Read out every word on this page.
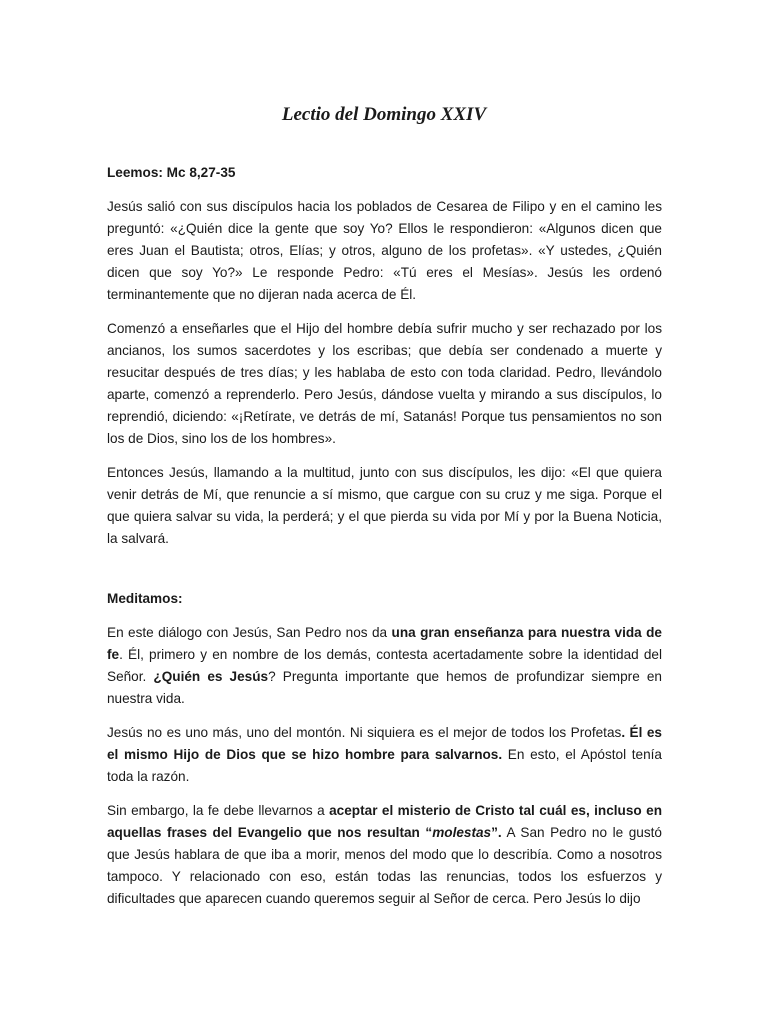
Lectio del Domingo XXIV
Leemos: Mc 8,27-35

Jesús salió con sus discípulos hacia los poblados de Cesarea de Filipo y en el camino les preguntó: «¿Quién dice la gente que soy Yo? Ellos le respondieron: «Algunos dicen que eres Juan el Bautista; otros, Elías; y otros, alguno de los profetas». «Y ustedes, ¿Quién dicen que soy Yo?» Le responde Pedro: «Tú eres el Mesías». Jesús les ordenó terminantemente que no dijeran nada acerca de Él.

Comenzó a enseñarles que el Hijo del hombre debía sufrir mucho y ser rechazado por los ancianos, los sumos sacerdotes y los escribas; que debía ser condenado a muerte y resucitar después de tres días; y les hablaba de esto con toda claridad. Pedro, llevándolo aparte, comenzó a reprenderlo. Pero Jesús, dándose vuelta y mirando a sus discípulos, lo reprendió, diciendo: «¡Retírate, ve detrás de mí, Satanás! Porque tus pensamientos no son los de Dios, sino los de los hombres».

Entonces Jesús, llamando a la multitud, junto con sus discípulos, les dijo: «El que quiera venir detrás de Mí, que renuncie a sí mismo, que cargue con su cruz y me siga. Porque el que quiera salvar su vida, la perderá; y el que pierda su vida por Mí y por la Buena Noticia, la salvará.

Meditamos:

En este diálogo con Jesús, San Pedro nos da una gran enseñanza para nuestra vida de fe. Él, primero y en nombre de los demás, contesta acertadamente sobre la identidad del Señor. ¿Quién es Jesús? Pregunta importante que hemos de profundizar siempre en nuestra vida.

Jesús no es uno más, uno del montón. Ni siquiera es el mejor de todos los Profetas. Él es el mismo Hijo de Dios que se hizo hombre para salvarnos. En esto, el Apóstol tenía toda la razón.

Sin embargo, la fe debe llevarnos a aceptar el misterio de Cristo tal cuál es, incluso en aquellas frases del Evangelio que nos resultan “molestas”. A San Pedro no le gustó que Jesús hablara de que iba a morir, menos del modo que lo describía. Como a nosotros tampoco. Y relacionado con eso, están todas las renuncias, todos los esfuerzos y dificultades que aparecen cuando queremos seguir al Señor de cerca. Pero Jesús lo dijo
